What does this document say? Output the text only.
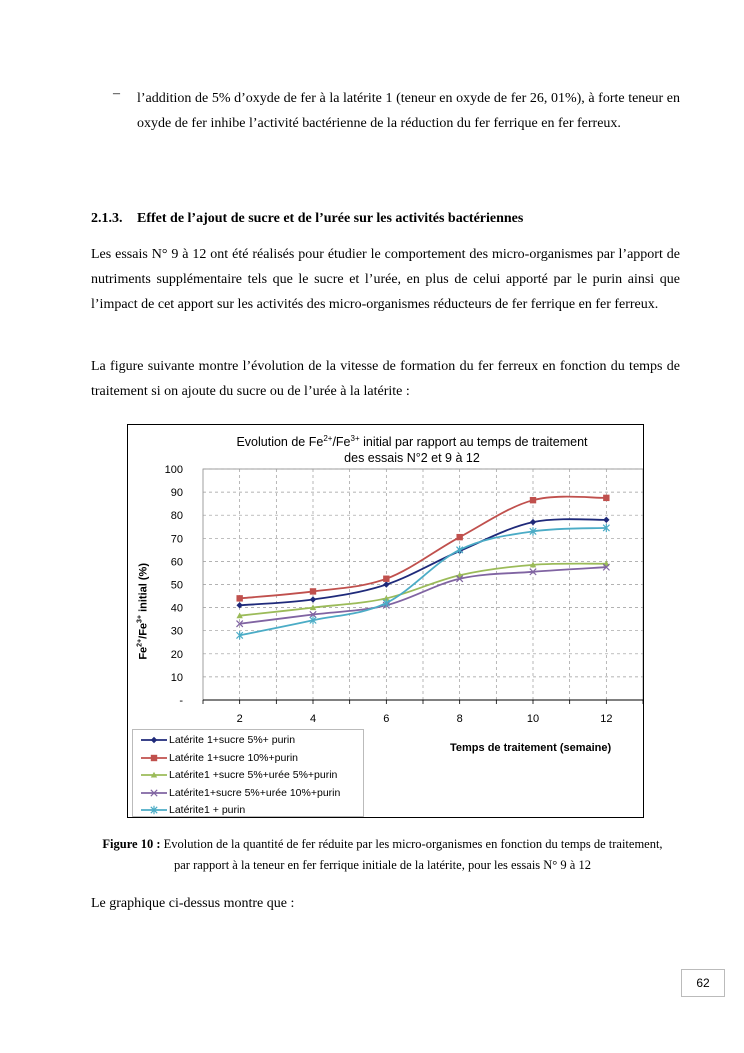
– l’addition de 5% d’oxyde de fer à la latérite 1 (teneur en oxyde de fer 26, 01%), à forte teneur en oxyde de fer inhibe l’activité bactérienne de la réduction du fer ferrique en fer ferreux.
2.1.3. Effet de l’ajout de sucre et de l’urée sur les activités bactériennes
Les essais N° 9 à 12 ont été réalisés pour étudier le comportement des micro-organismes par l’apport de nutriments supplémentaire tels que le sucre et l’urée, en plus de celui apporté par le purin ainsi que l’impact de cet apport sur les activités des micro-organismes réducteurs de fer ferrique en fer ferreux.
La figure suivante montre l’évolution de la vitesse de formation du fer ferreux en fonction du temps de traitement si on ajoute du sucre ou de l’urée à la latérite :
Evolution de $Fe^{2+}/Fe^{3+}$ initial par rapport au temps de traitement
des essais N°2 et 9 à 12
$Fe^{2+}/Fe^{3+}$ initial (%)
-
10
20
30
40
50
60
70
80
90
100
2	4	6	8	10	12
Temps de traitement (semaine)
Latérite 1+sucre 5%+ purin
Latérite 1+sucre 10%+purin
Latérite1 +sucre 5%+urée 5%+purin
Latérite1+sucre 5%+urée 10%+purin
Latérite1 + purin
Figure 10 : Evolution de la quantité de fer réduite par les micro-organismes en fonction du temps de traitement, par rapport à la teneur en fer ferrique initiale de la latérite, pour les essais N° 9 à 12
Le graphique ci-dessus montre que :
62
